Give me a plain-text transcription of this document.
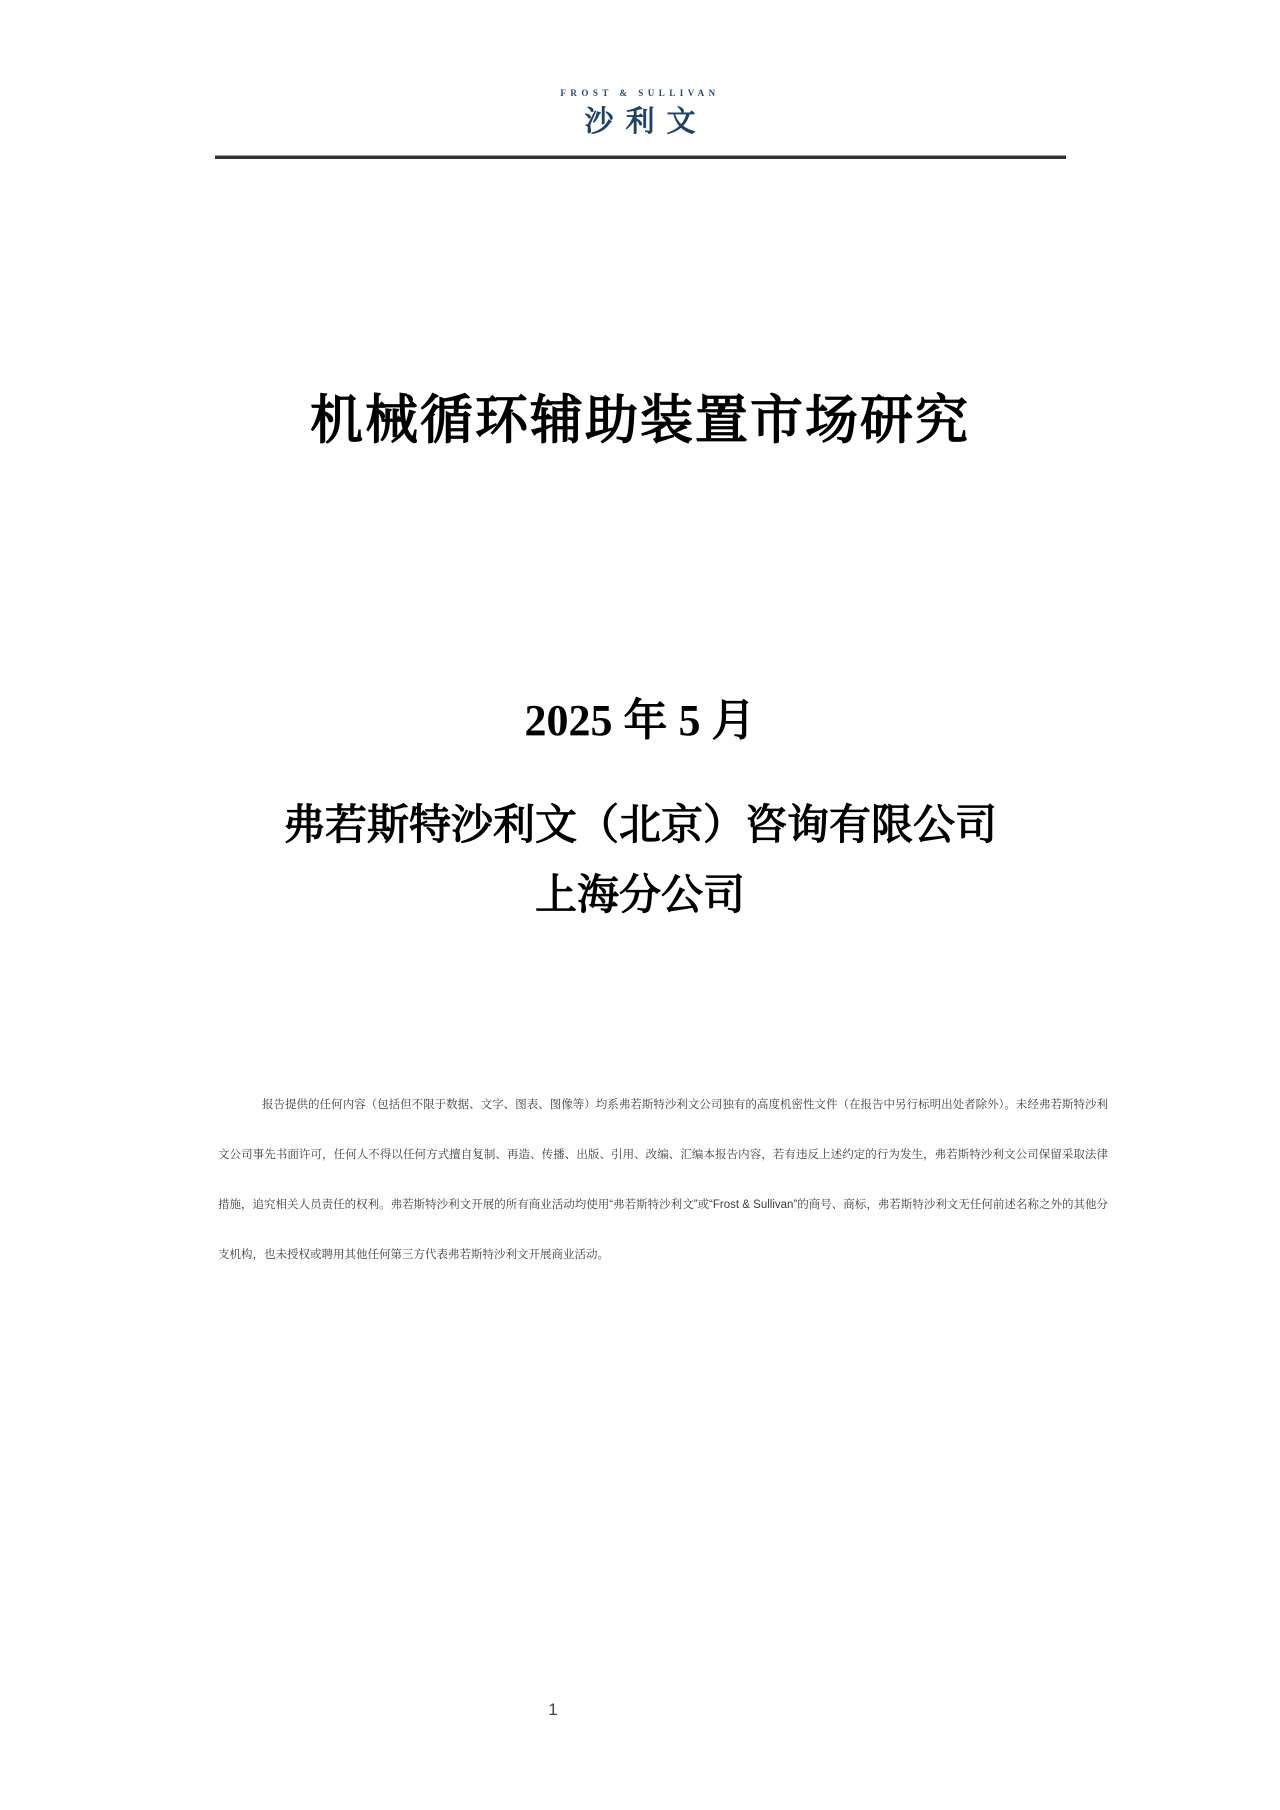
FROST & SULLIVAN
沙利文
机械循环辅助装置市场研究
2025 年 5 月
弗若斯特沙利文（北京）咨询有限公司
上海分公司

报告提供的任何内容（包括但不限于数据、文字、图表、图像等）均系弗若斯特沙利文公司独有的高度机密性文件（在报告中另行标明出处者除外）。未经弗若斯特沙利文公司事先书面许可，任何人不得以任何方式擅自复制、再造、传播、出版、引用、改编、汇编本报告内容，若有违反上述约定的行为发生，弗若斯特沙利文公司保留采取法律措施，追究相关人员责任的权利。弗若斯特沙利文开展的所有商业活动均使用“弗若斯特沙利文”或“Frost & Sullivan”的商号、商标，弗若斯特沙利文无任何前述名称之外的其他分支机构，也未授权或聘用其他任何第三方代表弗若斯特沙利文开展商业活动。

1
